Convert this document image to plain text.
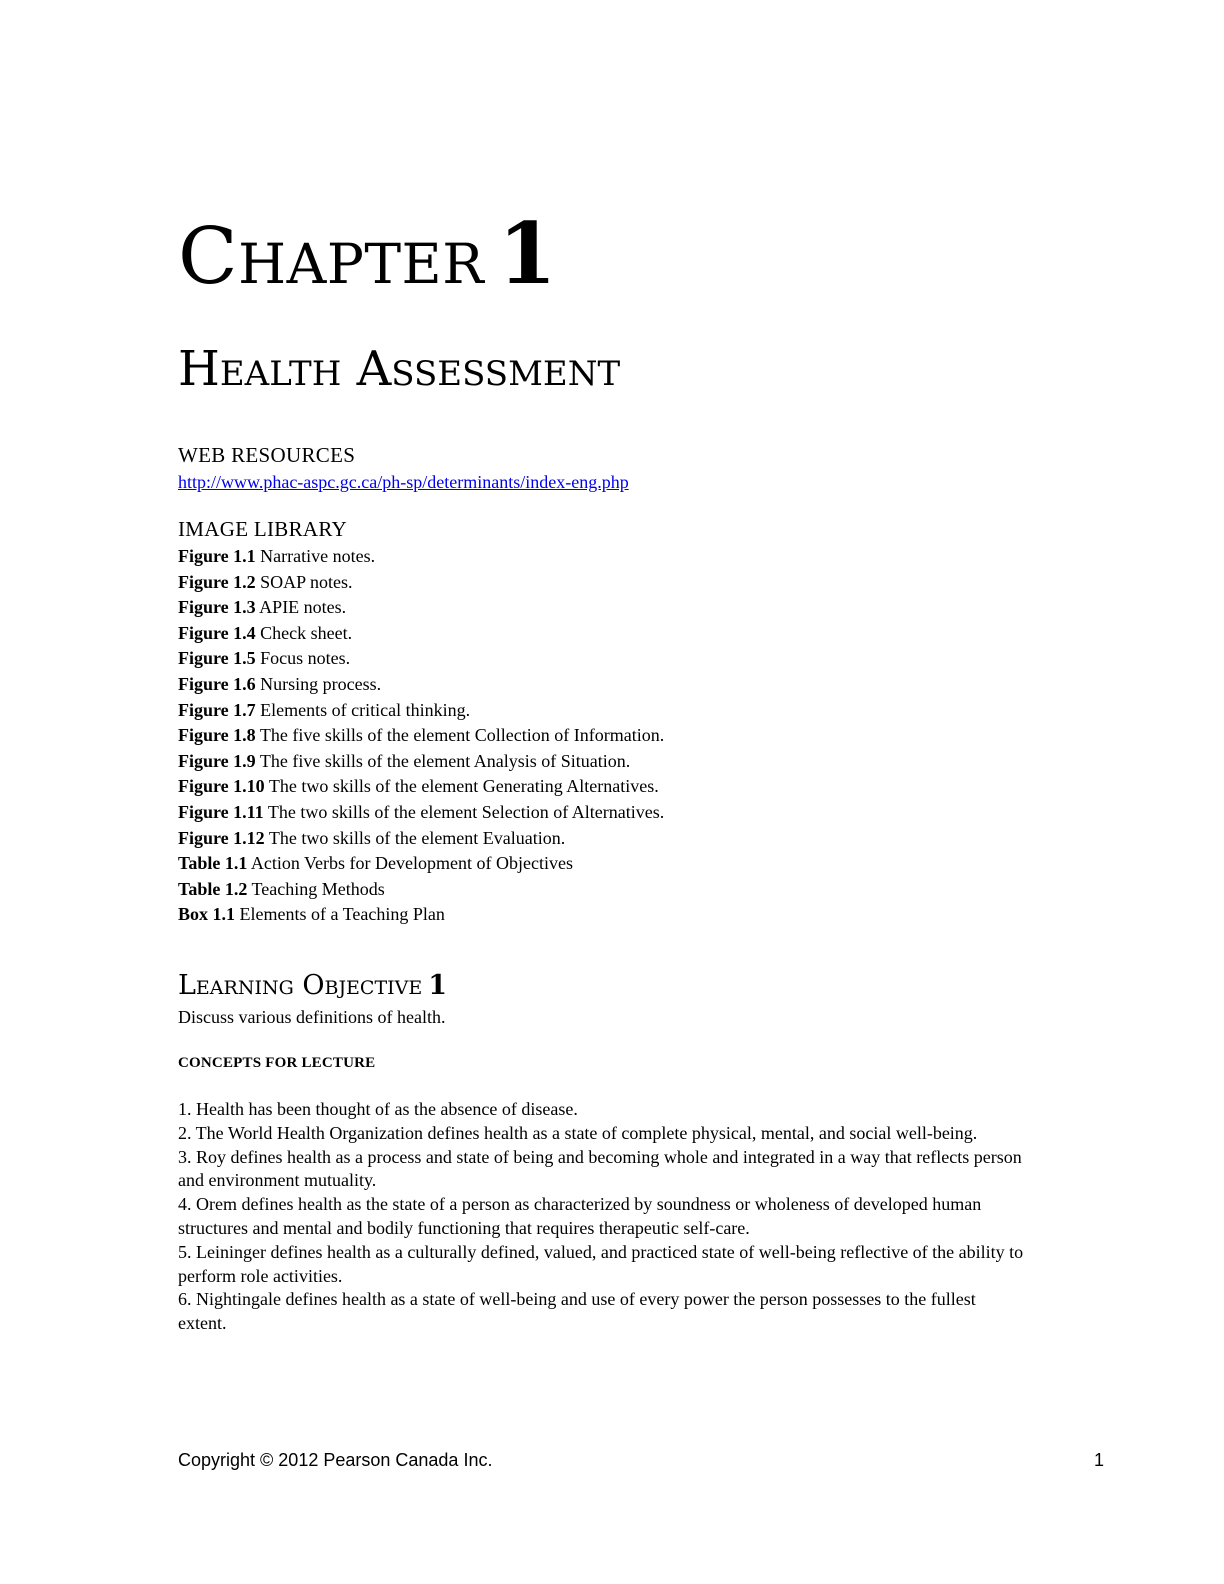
Chapter 1
Health Assessment
WEB RESOURCES
http://www.phac-aspc.gc.ca/ph-sp/determinants/index-eng.php
IMAGE LIBRARY
Figure 1.1 Narrative notes.
Figure 1.2 SOAP notes.
Figure 1.3 APIE notes.
Figure 1.4 Check sheet.
Figure 1.5 Focus notes.
Figure 1.6 Nursing process.
Figure 1.7 Elements of critical thinking.
Figure 1.8 The five skills of the element Collection of Information.
Figure 1.9 The five skills of the element Analysis of Situation.
Figure 1.10 The two skills of the element Generating Alternatives.
Figure 1.11 The two skills of the element Selection of Alternatives.
Figure 1.12 The two skills of the element Evaluation.
Table 1.1 Action Verbs for Development of Objectives
Table 1.2 Teaching Methods
Box 1.1 Elements of a Teaching Plan
Learning Objective 1
Discuss various definitions of health.
CONCEPTS FOR LECTURE
1. Health has been thought of as the absence of disease.
2. The World Health Organization defines health as a state of complete physical, mental, and social well-being.
3. Roy defines health as a process and state of being and becoming whole and integrated in a way that reflects person and environment mutuality.
4. Orem defines health as the state of a person as characterized by soundness or wholeness of developed human structures and mental and bodily functioning that requires therapeutic self-care.
5. Leininger defines health as a culturally defined, valued, and practiced state of well-being reflective of the ability to perform role activities.
6. Nightingale defines health as a state of well-being and use of every power the person possesses to the fullest extent.
Copyright © 2012 Pearson Canada Inc.	1
